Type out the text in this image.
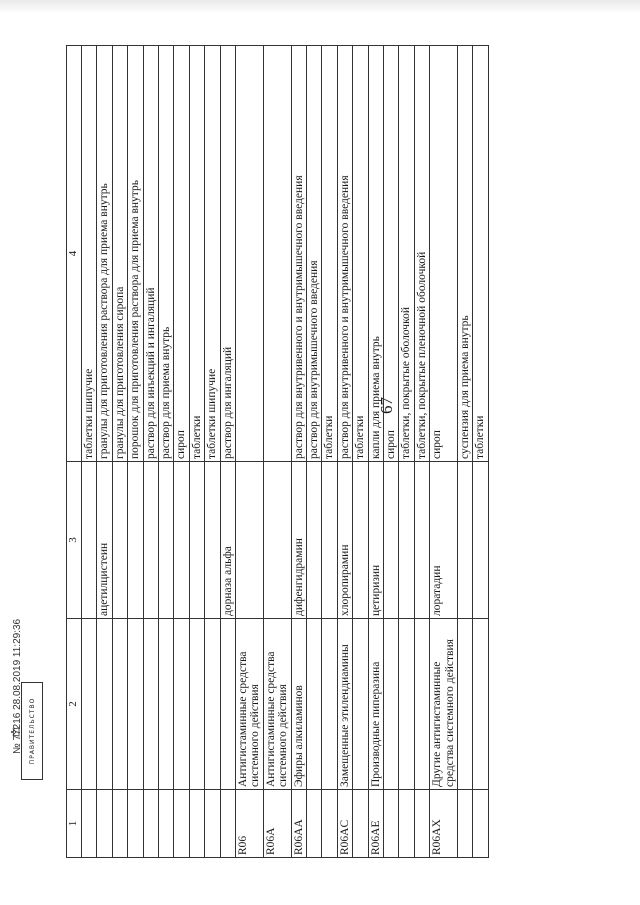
67
1	2	3	4
			таблетки шипучие
		ацетилцистеин	гранулы для приготовления раствора для приема внутрь
			гранулы для приготовления сиропа
			порошок для приготовления раствора для приема внутрь
			раствор для инъекций и ингаляций
			раствор для приема внутрь
			сироп
			таблетки
			таблетки шипучие
		дорназа альфа	раствор для ингаляций
R06	Антигистаминные средства системного действия		
R06A	Антигистаминные средства системного действия		
R06AA	Эфиры алкиламинов	дифенгидрамин	раствор для внутривенного и внутримышечного введения
			раствор для внутримышечного введения
			таблетки
R06AC	Замещенные этилендиамины	хлоропирамин	раствор для внутривенного и внутримышечного введения
			таблетки
R06AE	Производные пиперазина	цетиризин	капли для приема внутрь
			сироп
			таблетки, покрытые оболочкой
			таблетки, покрытые пленочной оболочкой
R06AX	Другие антигистаминные средства системного действия	лоратадин	сироп
			суспензия для приема внутрь
			таблетки
ПРАВИТЕЛЬСТВО
№ 77216 28.08.2019 11:29:36
